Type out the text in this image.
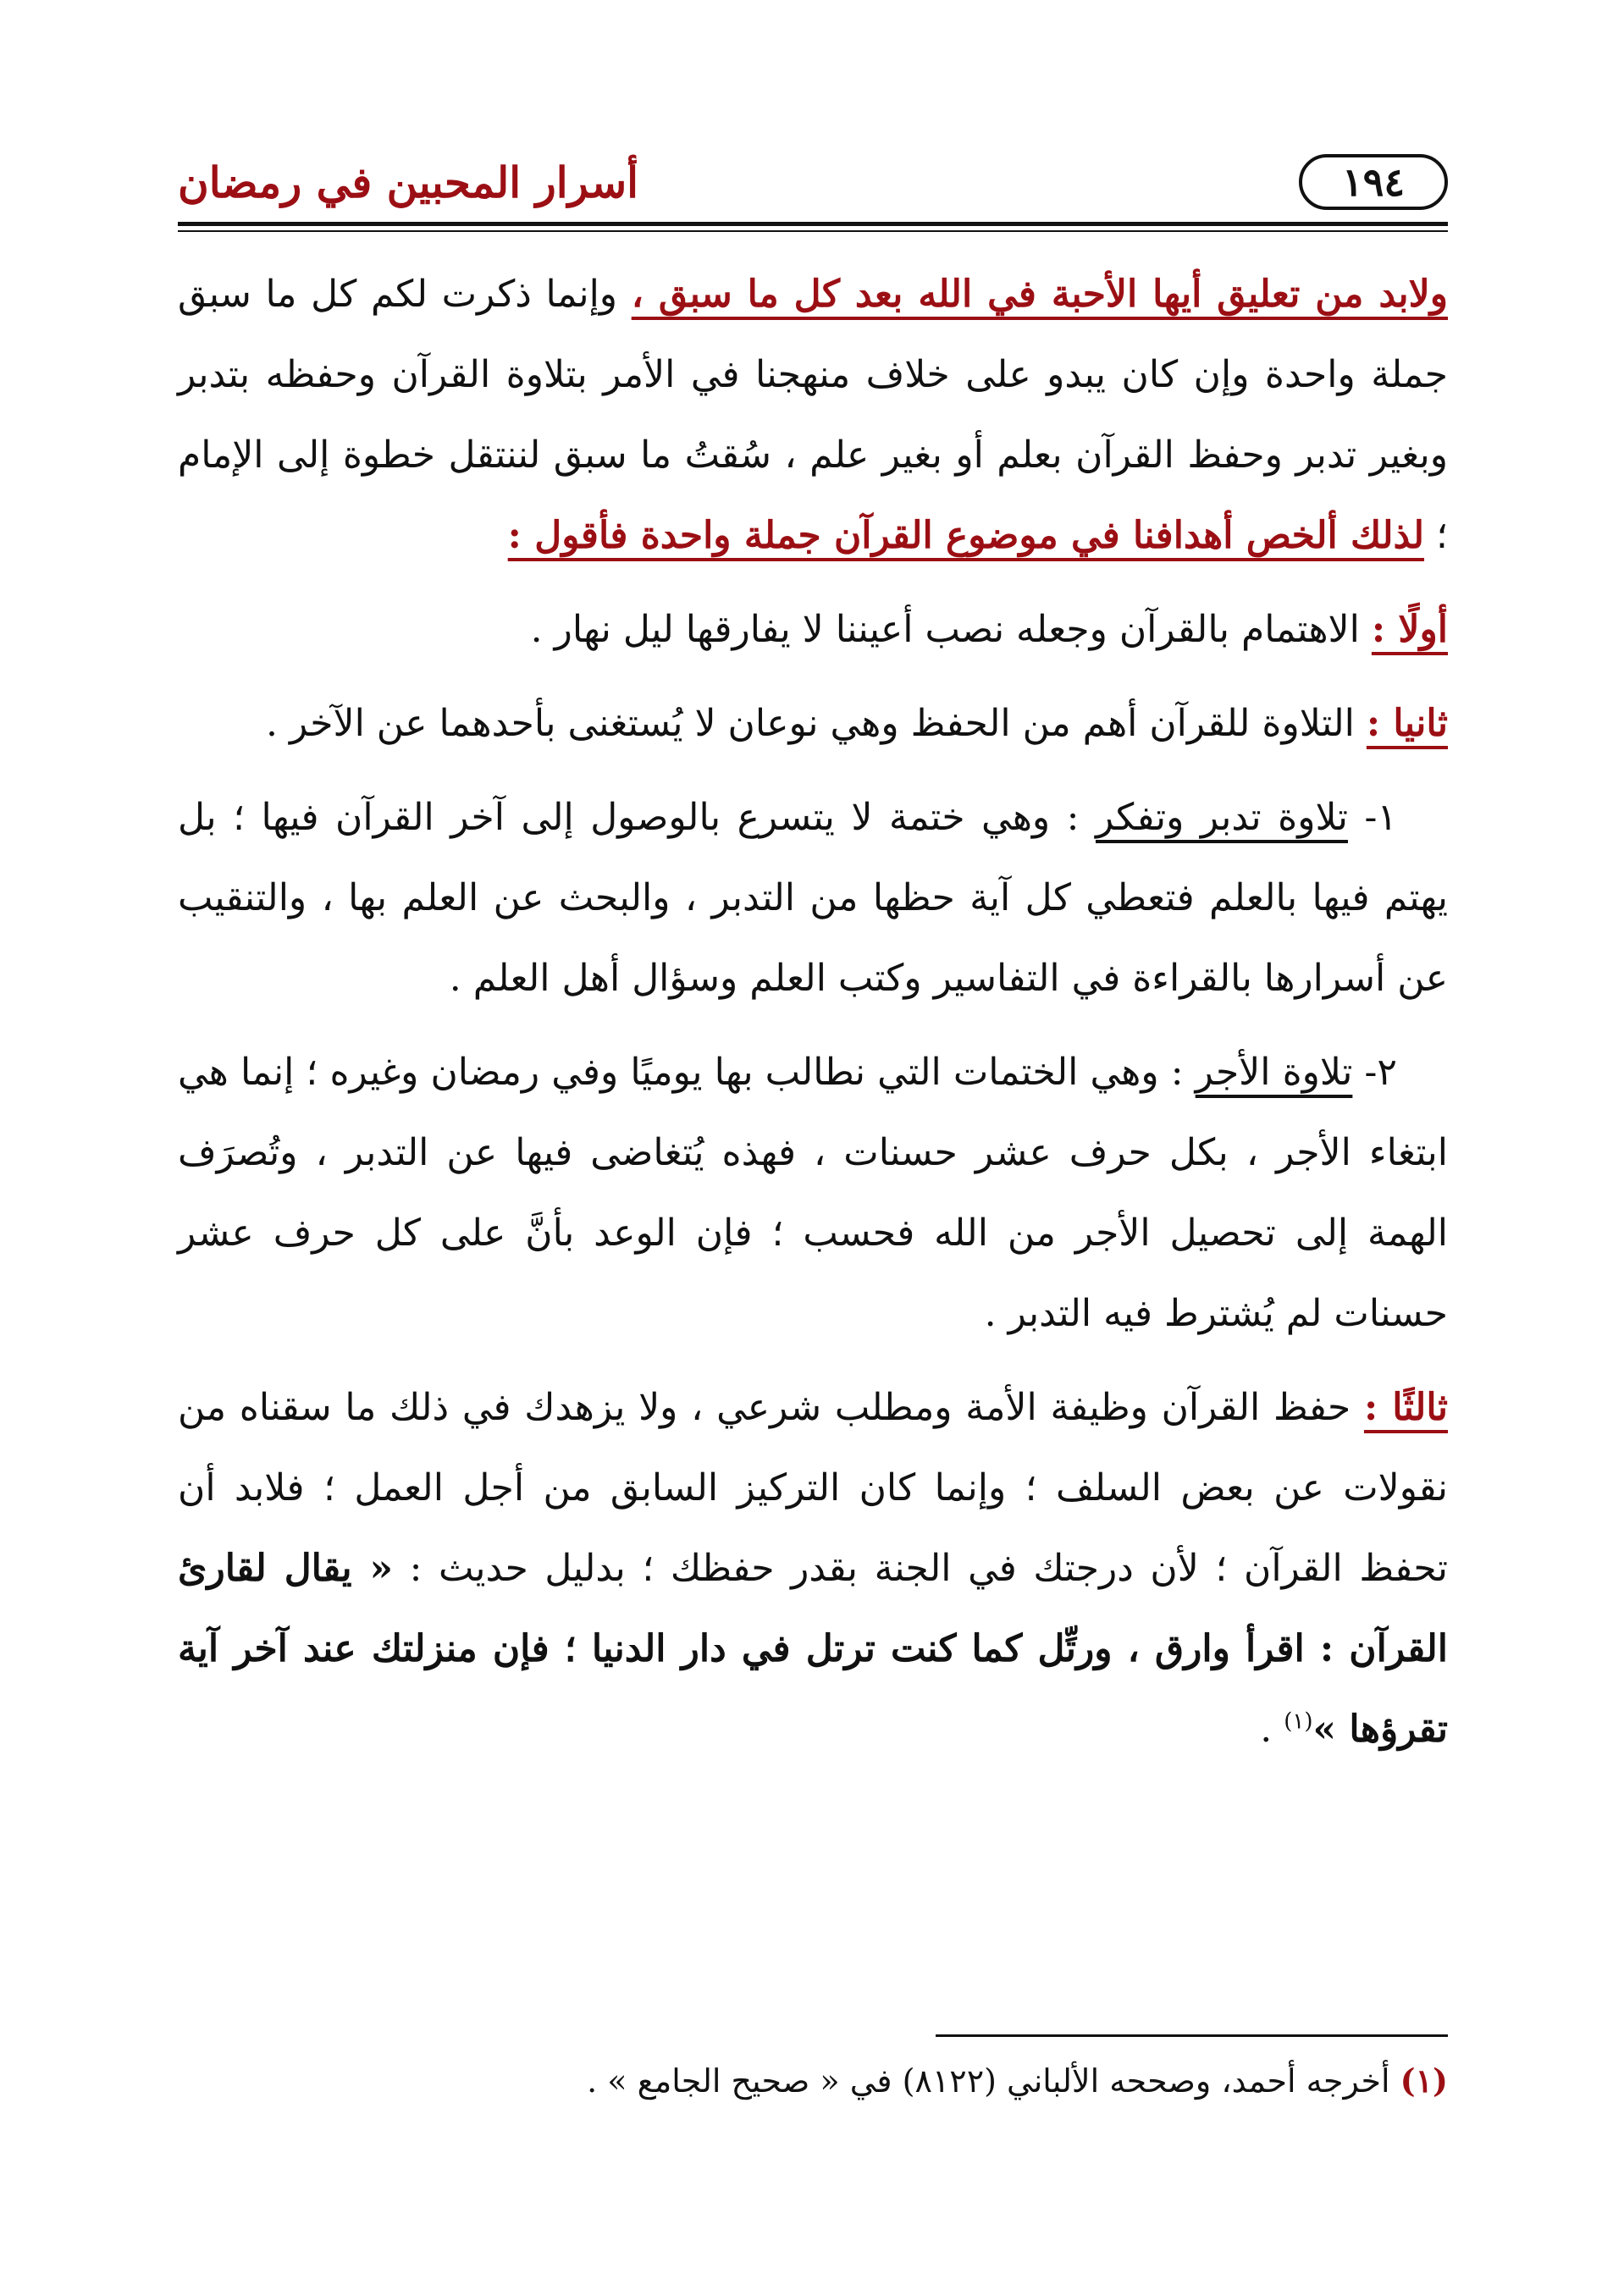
١٩٤
أسرار المحبين في رمضان

ولابد من تعليق أيها الأحبة في الله بعد كل ما سبق ، وإنما ذكرت لكم كل ما سبق جملة واحدة وإن كان يبدو على خلاف منهجنا في الأمر بتلاوة القرآن وحفظه بتدبر وبغير تدبر وحفظ القرآن بعلم أو بغير علم ، سُقتُ ما سبق لننتقل خطوة إلى الإمام ؛ لذلك ألخص أهدافنا في موضوع القرآن جملة واحدة فأقول :

أولًا : الاهتمام بالقرآن وجعله نصب أعيننا لا يفارقها ليل نهار .

ثانيا : التلاوة للقرآن أهم من الحفظ وهي نوعان لا يُستغنى بأحدهما عن الآخر .

١- تلاوة تدبر وتفكر : وهي ختمة لا يتسرع بالوصول إلى آخر القرآن فيها ؛ بل يهتم فيها بالعلم فتعطي كل آية حظها من التدبر ، والبحث عن العلم بها ، والتنقيب عن أسرارها بالقراءة في التفاسير وكتب العلم وسؤال أهل العلم .

٢- تلاوة الأجر : وهي الختمات التي نطالب بها يوميًا وفي رمضان وغيره ؛ إنما هي ابتغاء الأجر ، بكل حرف عشر حسنات ، فهذه يُتغاضى فيها عن التدبر ، وتُصرَف الهمة إلى تحصيل الأجر من الله فحسب ؛ فإن الوعد بأنَّ على كل حرف عشر حسنات لم يُشترط فيه التدبر .

ثالثًا : حفظ القرآن وظيفة الأمة ومطلب شرعي ، ولا يزهدك في ذلك ما سقناه من نقولات عن بعض السلف ؛ وإنما كان التركيز السابق من أجل العمل ؛ فلابد أن تحفظ القرآن ؛ لأن درجتك في الجنة بقدر حفظك ؛ بدليل حديث : « يقال لقارئ القرآن : اقرأ وارق ، ورتِّل كما كنت ترتل في دار الدنيا ؛ فإن منزلتك عند آخر آية تقرؤها »$^{(١)}$ .

(١) أخرجه أحمد، وصححه الألباني (٨١٢٢) في « صحيح الجامع » .
